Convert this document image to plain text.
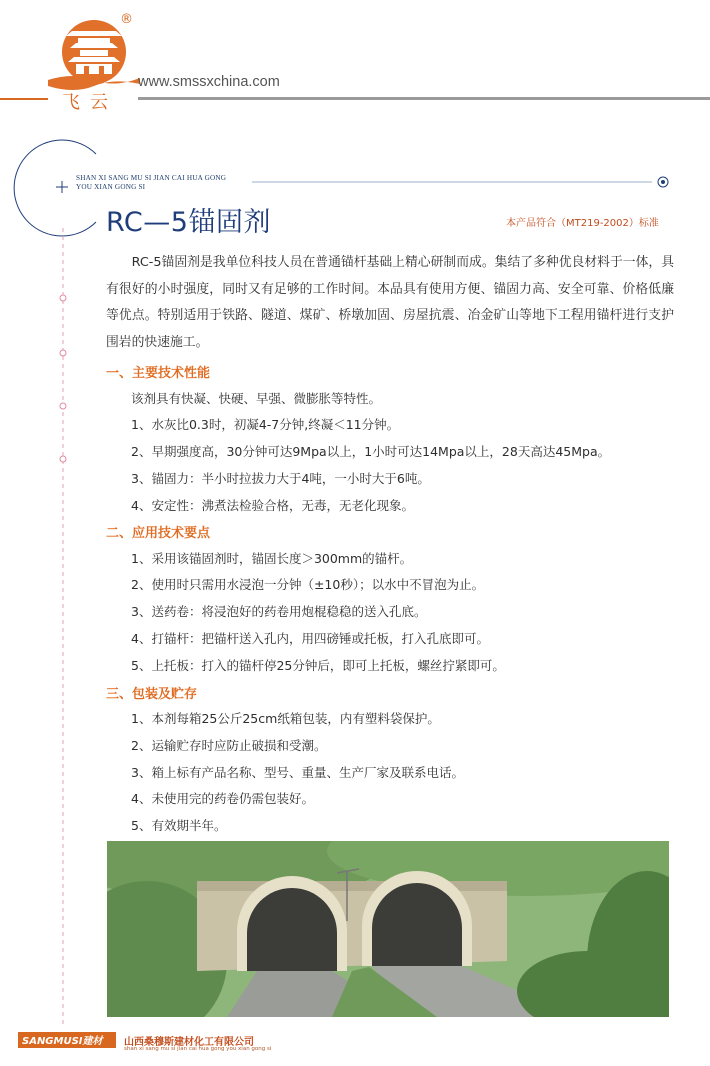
®
飞云
www.smssxchina.com
SHAN XI SANG MU SI JIAN CAI HUA GONG
YOU XIAN GONG SI
RC—5锚固剂	本产品符合（MT219-2002）标准
RC-5锚固剂是我单位科技人员在普通锚杆基础上精心研制而成。集结了多种优良材料于一体，具有很好的小时强度，同时又有足够的工作时间。本品具有使用方便、锚固力高、安全可靠、价格低廉等优点。特别适用于铁路、隧道、煤矿、桥墩加固、房屋抗震、冶金矿山等地下工程用锚杆进行支护围岩的快速施工。
一、主要技术性能
该剂具有快凝、快硬、早强、微膨胀等特性。
1、水灰比0.3时，初凝4-7分钟,终凝＜11分钟。
2、早期强度高，30分钟可达9Mpa以上，1小时可达14Mpa以上，28天高达45Mpa。
3、锚固力：半小时拉拔力大于4吨，一小时大于6吨。
4、安定性：沸煮法检验合格，无毒，无老化现象。
二、应用技术要点
1、采用该锚固剂时，锚固长度＞300mm的锚杆。
2、使用时只需用水浸泡一分钟（±10秒）；以水中不冒泡为止。
3、送药卷：将浸泡好的药卷用炮棍稳稳的送入孔底。
4、打锚杆：把锚杆送入孔内，用四磅锤或托板，打入孔底即可。
5、上托板：打入的锚杆停25分钟后，即可上托板，螺丝拧紧即可。
三、包装及贮存
1、本剂每箱25公斤25cm纸箱包装，内有塑料袋保护。
2、运输贮存时应防止破损和受潮。
3、箱上标有产品名称、型号、重量、生产厂家及联系电话。
4、未使用完的药卷仍需包装好。
5、有效期半年。
SANGMUSI建材 山西桑穆斯建材化工有限公司
shan xi sang mu si jian cai hua gong you xian gong si
